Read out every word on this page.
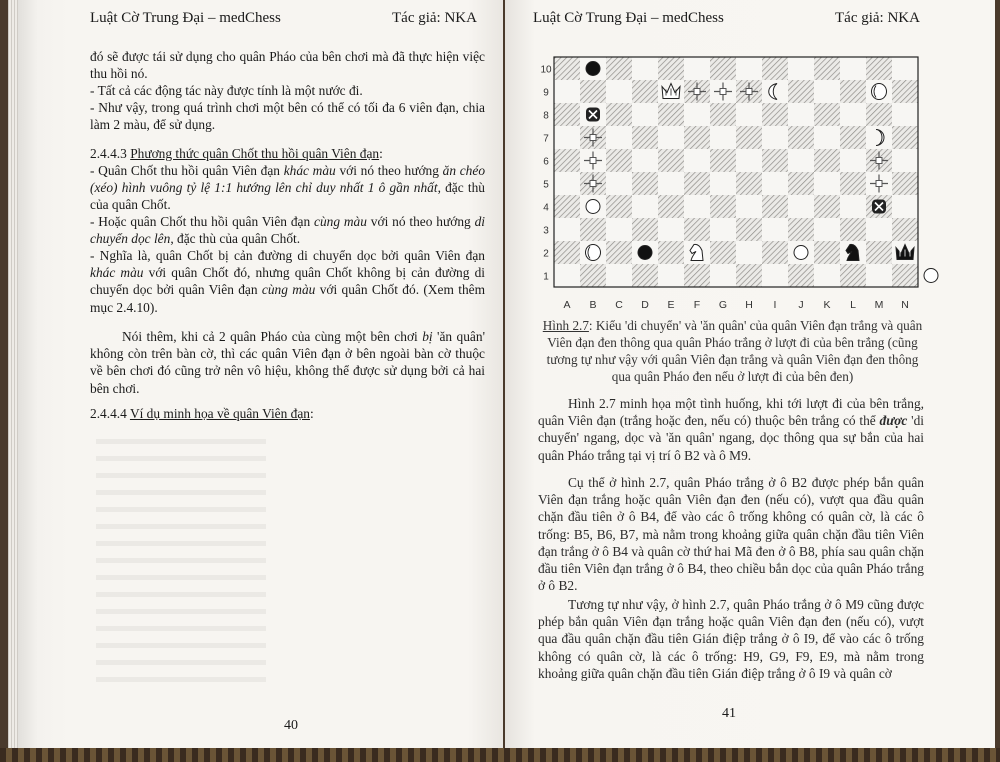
Luật Cờ Trung Đại – medChess	Tác giả: NKA
đó sẽ được tái sử dụng cho quân Pháo của bên chơi mà đã thực hiện việc thu hồi nó.
- Tất cả các động tác này được tính là một nước đi.
- Như vậy, trong quá trình chơi một bên có thể có tối đa 6 viên đạn, chia làm 2 màu, để sử dụng.
2.4.4.3 Phương thức quân Chốt thu hồi quân Viên đạn:
- Quân Chốt thu hồi quân Viên đạn khác màu với nó theo hướng ăn chéo (xéo) hình vuông tỷ lệ 1:1 hướng lên chỉ duy nhất 1 ô gần nhất, đặc thù của quân Chốt.
- Hoặc quân Chốt thu hồi quân Viên đạn cùng màu với nó theo hướng di chuyển dọc lên, đặc thù của quân Chốt.
- Nghĩa là, quân Chốt bị cản đường di chuyển dọc bởi quân Viên đạn khác màu với quân Chốt đó, nhưng quân Chốt không bị cản đường di chuyển dọc bởi quân Viên đạn cùng màu với quân Chốt đó. (Xem thêm mục 2.4.10).
Nói thêm, khi cả 2 quân Pháo của cùng một bên chơi bị 'ăn quân' không còn trên bàn cờ, thì các quân Viên đạn ở bên ngoài bàn cờ thuộc về bên chơi đó cũng trở nên vô hiệu, không thể được sử dụng bởi cả hai bên chơi.
2.4.4.4 Ví dụ minh họa về quân Viên đạn:
40
Luật Cờ Trung Đại – medChess	Tác giả: NKA
41
10
9
8
7
6
5
4
3
2
1
A B C D E F G H I J K L M N
Hình 2.7: Kiểu 'di chuyển' và 'ăn quân' của quân Viên đạn trắng và quân Viên đạn đen thông qua quân Pháo trắng ở lượt đi của bên trắng (cũng tương tự như vậy với quân Viên đạn trắng và quân Viên đạn đen thông qua quân Pháo đen nếu ở lượt đi của bên đen)
Hình 2.7 minh họa một tình huống, khi tới lượt đi của bên trắng, quân Viên đạn (trắng hoặc đen, nếu có) thuộc bên trắng có thể được 'di chuyển' ngang, dọc và 'ăn quân' ngang, dọc thông qua sự bắn của hai quân Pháo trắng tại vị trí ô B2 và ô M9.
Cụ thể ở hình 2.7, quân Pháo trắng ở ô B2 được phép bắn quân Viên đạn trắng hoặc quân Viên đạn đen (nếu có), vượt qua đầu quân chặn đầu tiên ở ô B4, để vào các ô trống không có quân cờ, là các ô trống: B5, B6, B7, mà nằm trong khoảng giữa quân chặn đầu tiên Viên đạn trắng ở ô B4 và quân cờ thứ hai Mã đen ở ô B8, phía sau quân chặn đầu tiên Viên đạn trắng ở ô B4, theo chiều bắn dọc của quân Pháo trắng ở ô B2.
Tương tự như vậy, ở hình 2.7, quân Pháo trắng ở ô M9 cũng được phép bắn quân Viên đạn trắng hoặc quân Viên đạn đen (nếu có), vượt qua đầu quân chặn đầu tiên Gián điệp trắng ở ô I9, để vào các ô trống không có quân cờ, là các ô trống: H9, G9, F9, E9, mà nằm trong khoảng giữa quân chặn đầu tiên Gián điệp trắng ở ô I9 và quân cờ
